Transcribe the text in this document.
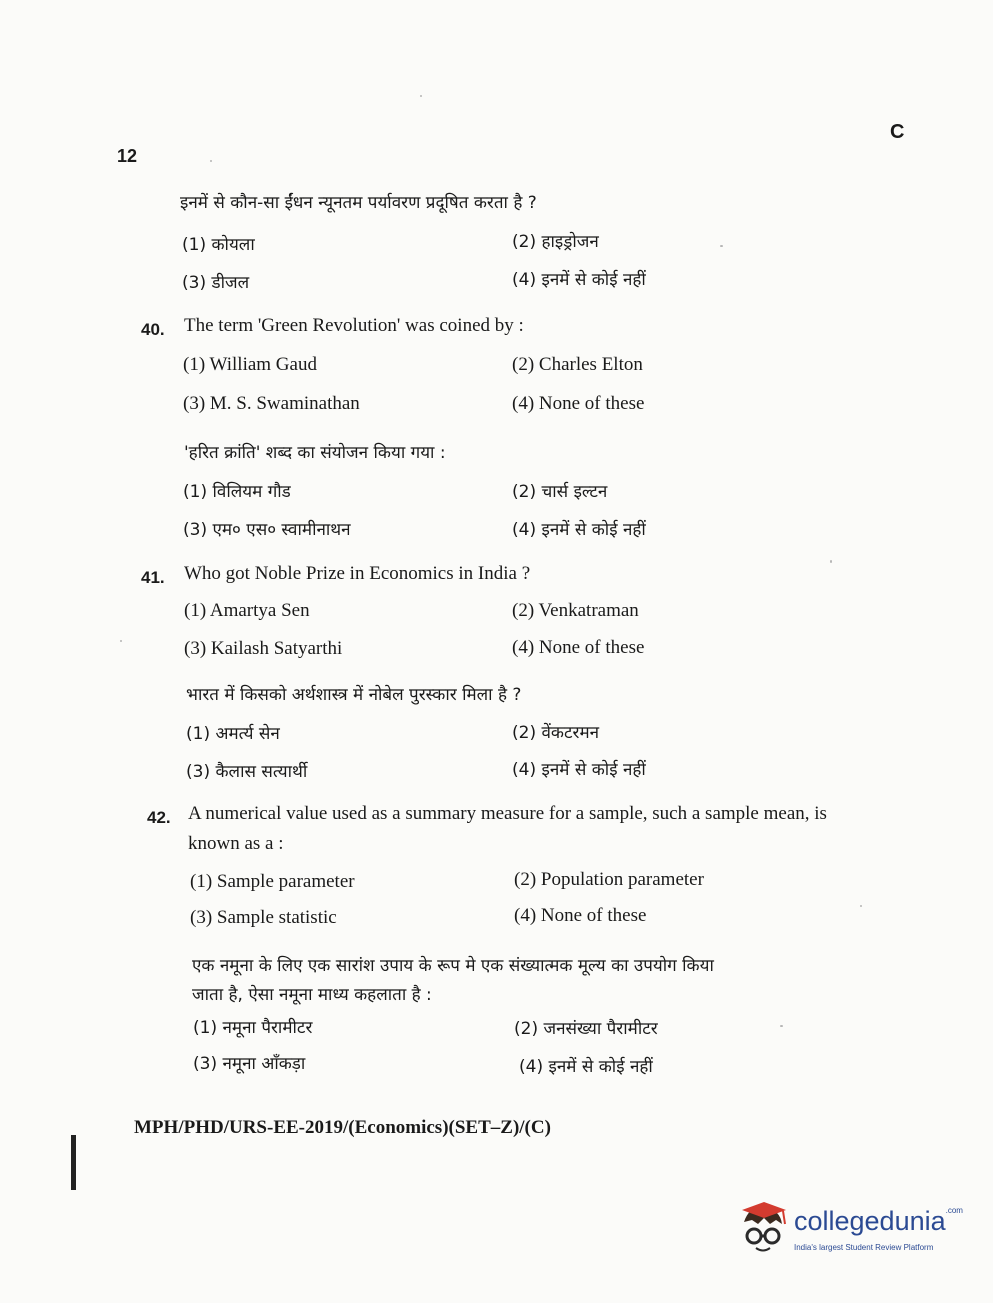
12
C
इनमें से कौन-सा ईंधन न्यूनतम पर्यावरण प्रदूषित करता है ?
(1) कोयला	(2) हाइड्रोजन
(3) डीजल	(4) इनमें से कोई नहीं
40. The term 'Green Revolution' was coined by :
(1) William Gaud	(2) Charles Elton
(3) M. S. Swaminathan	(4) None of these
'हरित क्रांति' शब्द का संयोजन किया गया :
(1) विलियम गौड	(2) चार्स इल्टन
(3) एम० एस० स्वामीनाथन	(4) इनमें से कोई नहीं
41. Who got Noble Prize in Economics in India ?
(1) Amartya Sen	(2) Venkatraman
(3) Kailash Satyarthi	(4) None of these
भारत में किसको अर्थशास्त्र में नोबेल पुरस्कार मिला है ?
(1) अमर्त्य सेन	(2) वेंकटरमन
(3) कैलास सत्यार्थी	(4) इनमें से कोई नहीं
42. A numerical value used as a summary measure for a sample, such a sample mean, is
known as a :
(1) Sample parameter	(2) Population parameter
(3) Sample statistic	(4) None of these
एक नमूना के लिए एक सारांश उपाय के रूप मे एक संख्यात्मक मूल्य का उपयोग किया
जाता है, ऐसा नमूना माध्य कहलाता है :
(1) नमूना पैरामीटर	(2) जनसंख्या पैरामीटर
(3) नमूना आँकड़ा	(4) इनमें से कोई नहीं
MPH/PHD/URS-EE-2019/(Economics)(SET–Z)/(C)
collegedunia$^{.com}$
India's largest Student Review Platform
